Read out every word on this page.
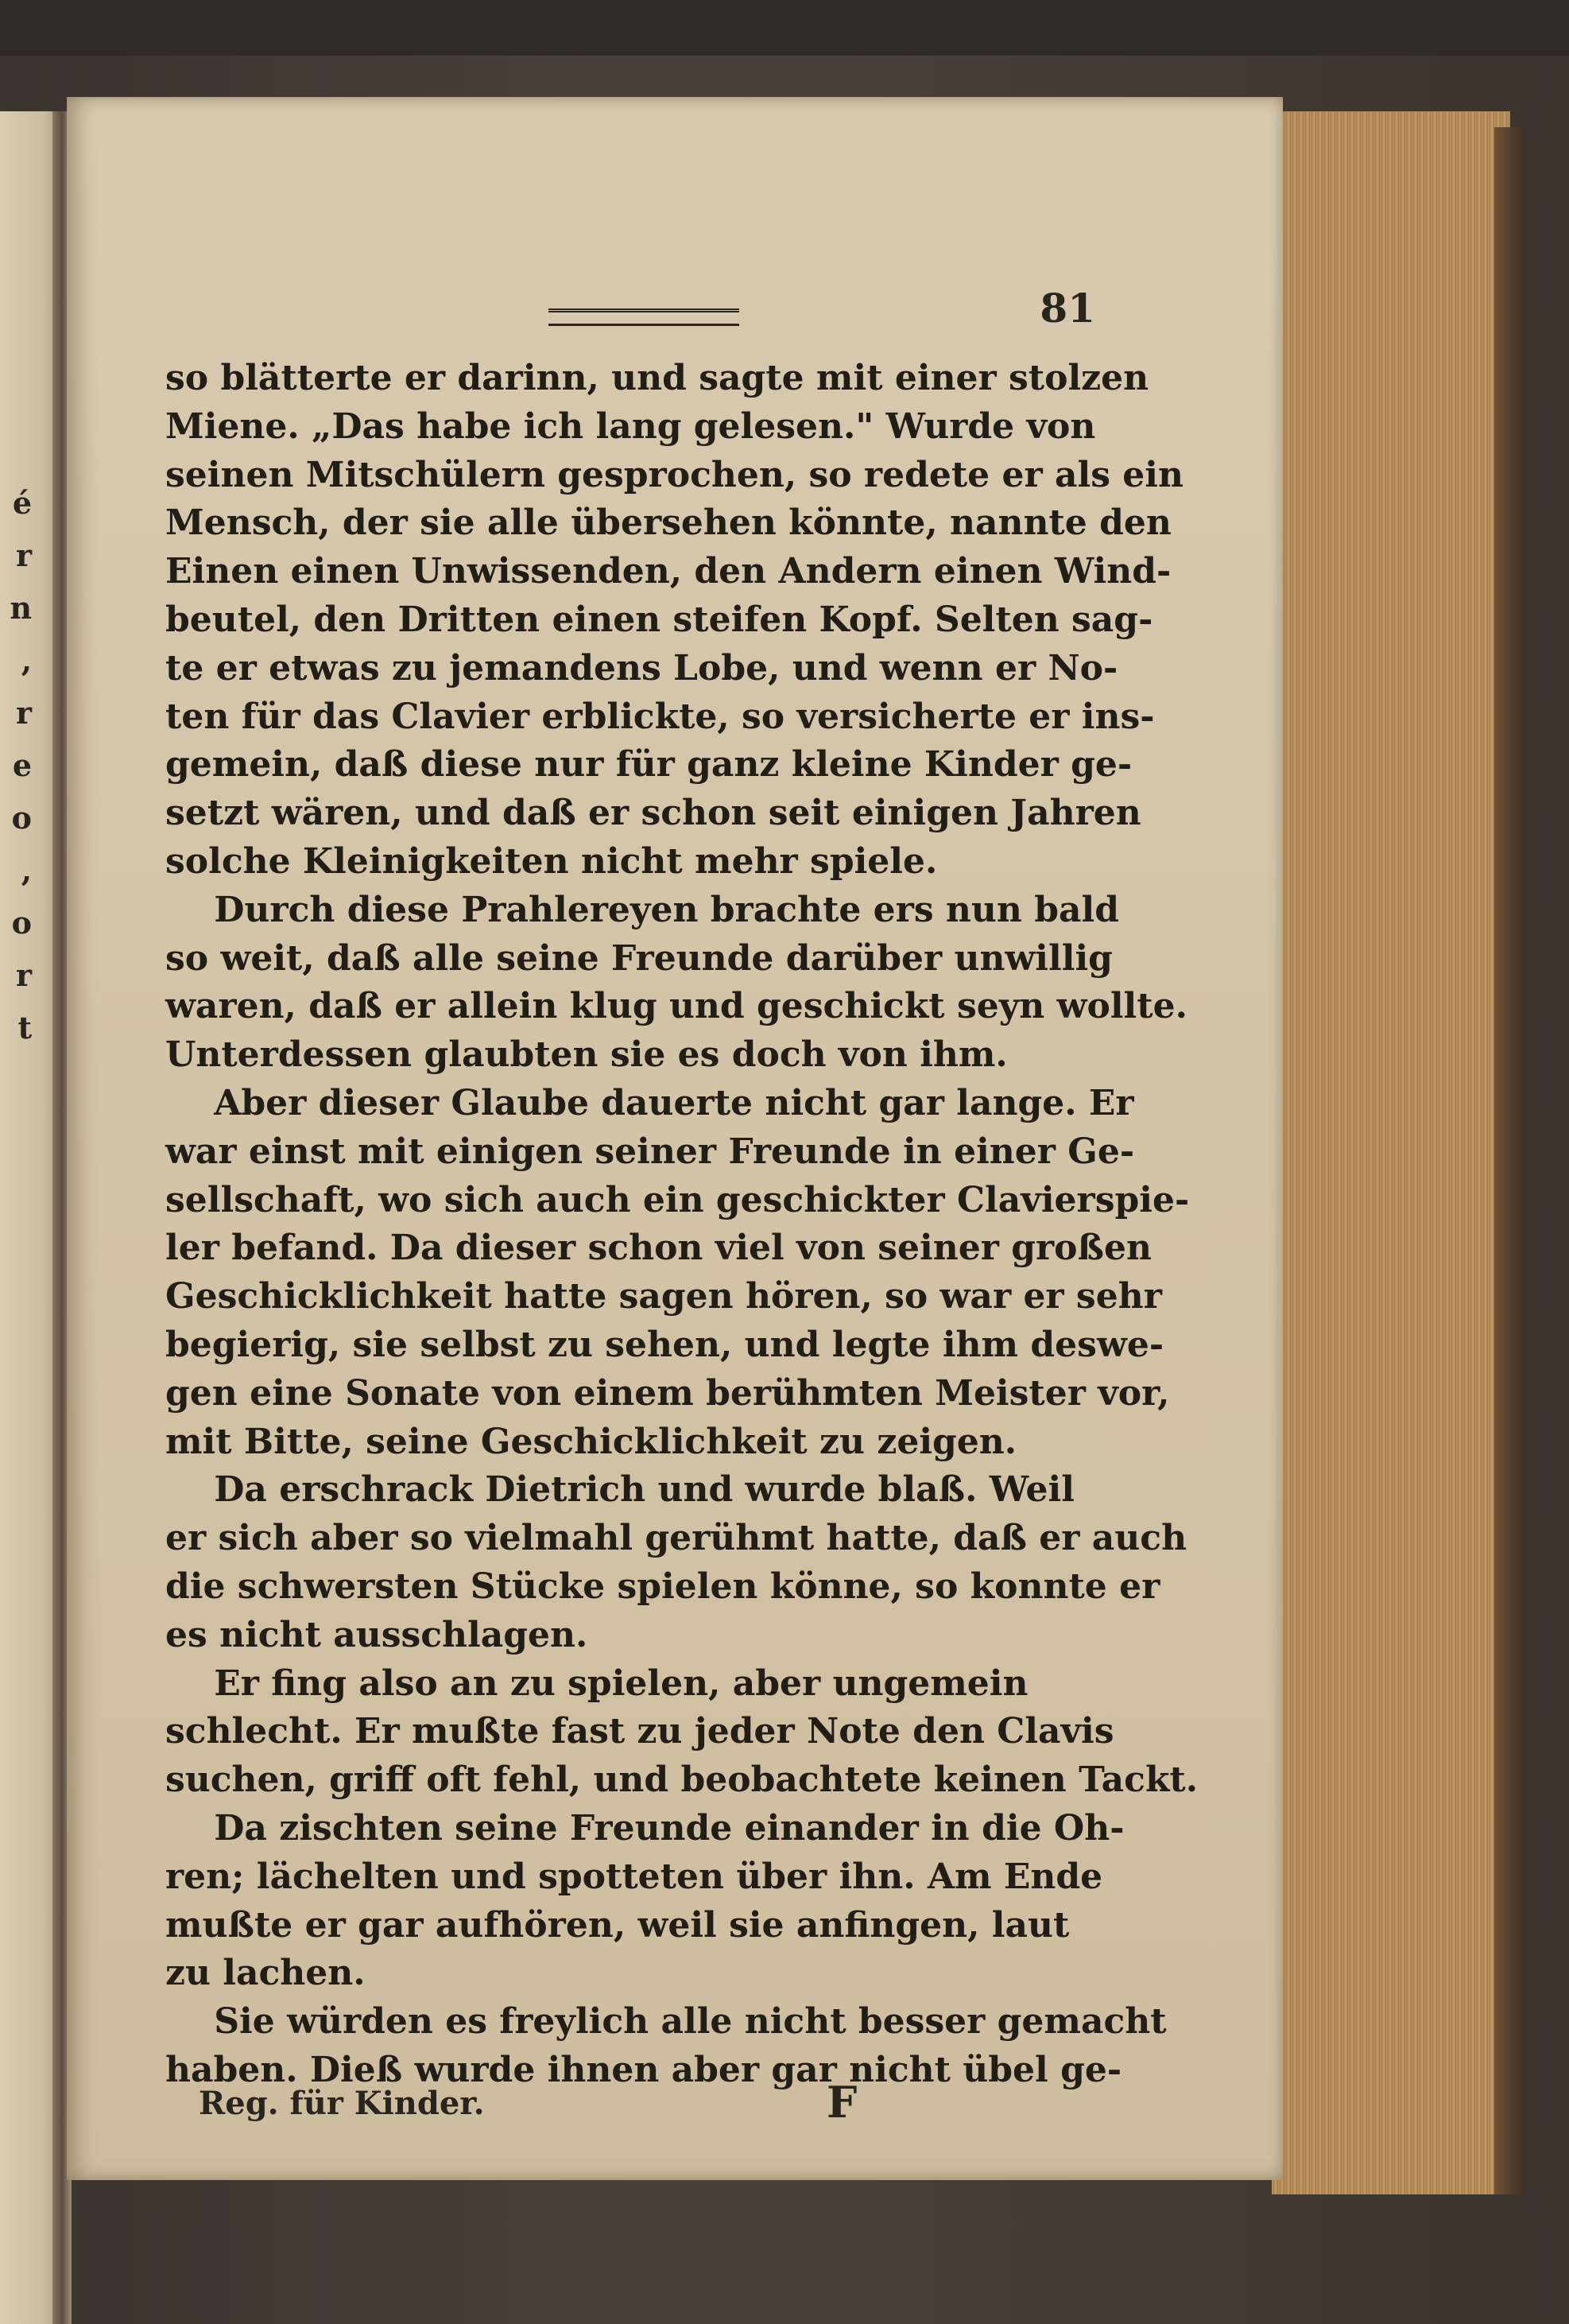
é
r
n
,
r
e
o
,
o
r
t
81
so blätterte er darinn, und sagte mit einer stolzen
Miene. „Das habe ich lang gelesen." Wurde von
seinen Mitschülern gesprochen, so redete er als ein
Mensch, der sie alle übersehen könnte, nannte den
Einen einen Unwissenden, den Andern einen Wind-
beutel, den Dritten einen steifen Kopf. Selten sag-
te er etwas zu jemandens Lobe, und wenn er No-
ten für das Clavier erblickte, so versicherte er ins-
gemein, daß diese nur für ganz kleine Kinder ge-
setzt wären, und daß er schon seit einigen Jahren
solche Kleinigkeiten nicht mehr spiele.
Durch diese Prahlereyen brachte ers nun bald
so weit, daß alle seine Freunde darüber unwillig
waren, daß er allein klug und geschickt seyn wollte.
Unterdessen glaubten sie es doch von ihm.
Aber dieser Glaube dauerte nicht gar lange. Er
war einst mit einigen seiner Freunde in einer Ge-
sellschaft, wo sich auch ein geschickter Clavierspie-
ler befand. Da dieser schon viel von seiner großen
Geschicklichkeit hatte sagen hören, so war er sehr
begierig, sie selbst zu sehen, und legte ihm deswe-
gen eine Sonate von einem berühmten Meister vor,
mit Bitte, seine Geschicklichkeit zu zeigen.
Da erschrack Dietrich und wurde blaß. Weil
er sich aber so vielmahl gerühmt hatte, daß er auch
die schwersten Stücke spielen könne, so konnte er
es nicht ausschlagen.
Er fing also an zu spielen, aber ungemein
schlecht. Er mußte fast zu jeder Note den Clavis
suchen, griff oft fehl, und beobachtete keinen Tackt.
Da zischten seine Freunde einander in die Oh-
ren; lächelten und spotteten über ihn. Am Ende
mußte er gar aufhören, weil sie anfingen, laut
zu lachen.
Sie würden es freylich alle nicht besser gemacht
haben. Dieß wurde ihnen aber gar nicht übel ge-
Reg. für Kinder.	F
